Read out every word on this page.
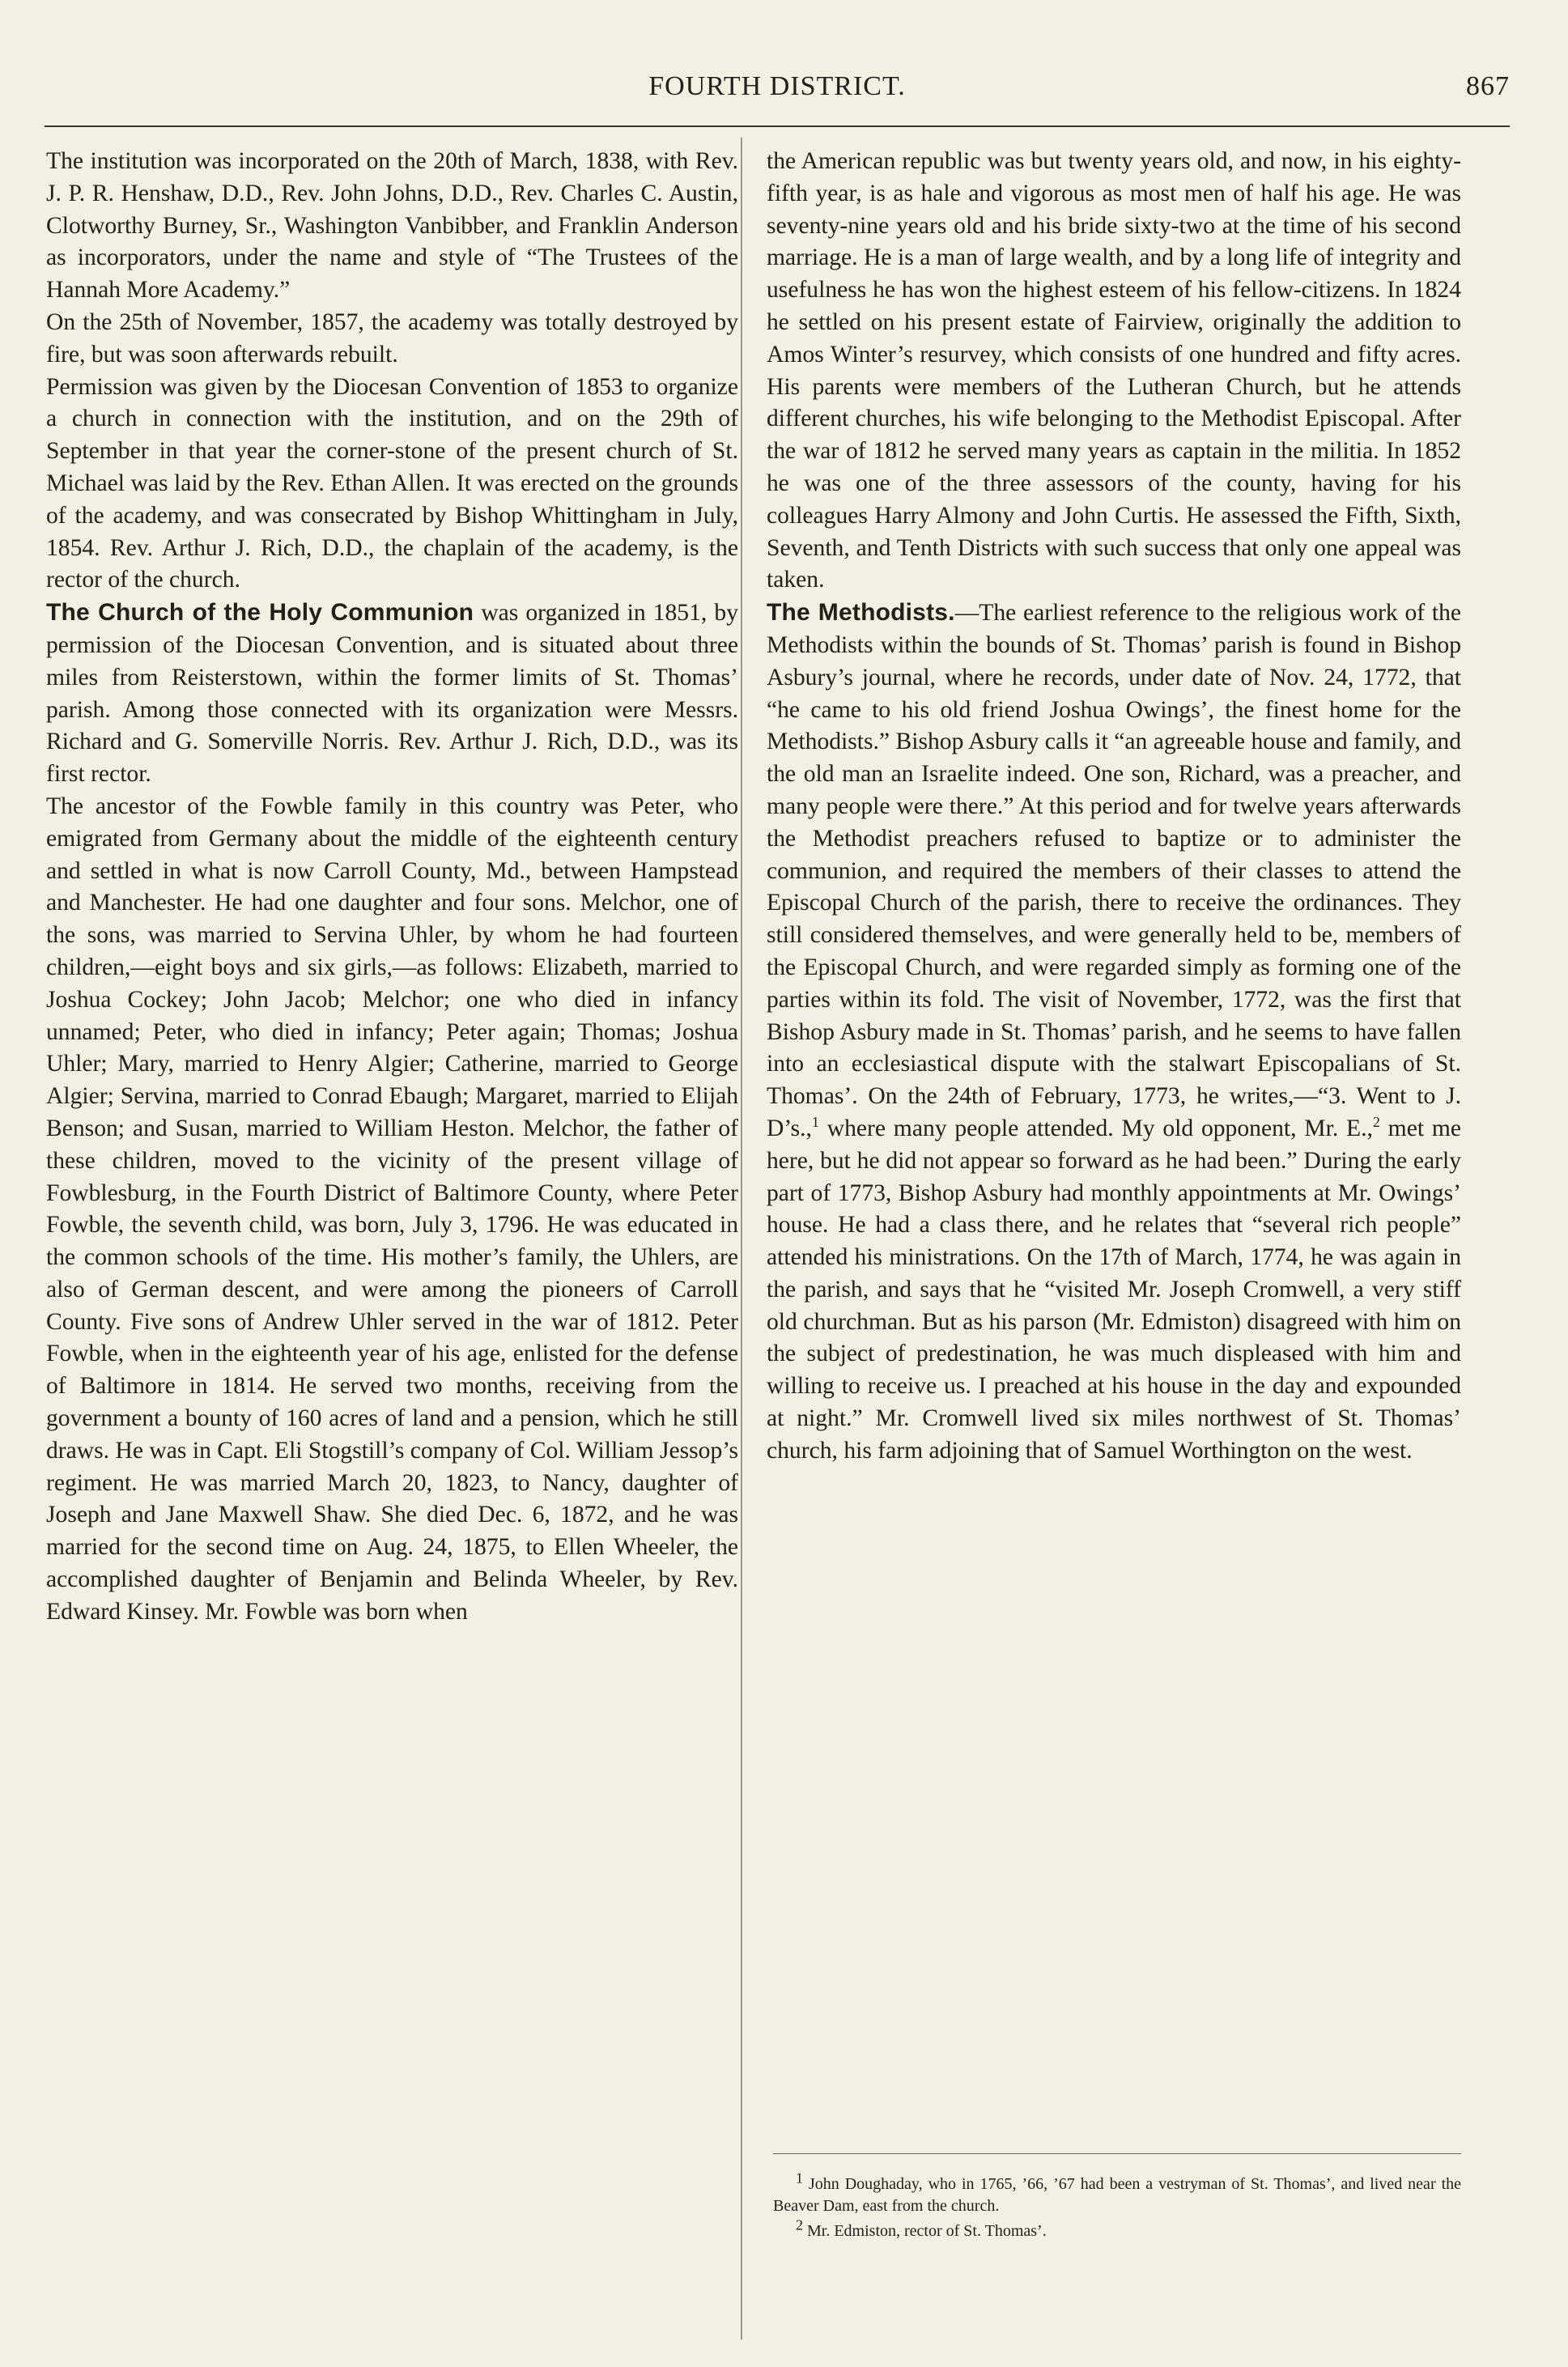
FOURTH DISTRICT.	867

The institution was incorporated on the 20th of March, 1838, with Rev. J. P. R. Henshaw, D.D., Rev. John Johns, D.D., Rev. Charles C. Austin, Clotworthy Burney, Sr., Washington Vanbibber, and Franklin Anderson as incorporators, under the name and style of “The Trustees of the Hannah More Academy.”

On the 25th of November, 1857, the academy was totally destroyed by fire, but was soon afterwards rebuilt.

Permission was given by the Diocesan Convention of 1853 to organize a church in connection with the institution, and on the 29th of September in that year the corner-stone of the present church of St. Michael was laid by the Rev. Ethan Allen. It was erected on the grounds of the academy, and was consecrated by Bishop Whittingham in July, 1854. Rev. Arthur J. Rich, D.D., the chaplain of the academy, is the rector of the church.

The Church of the Holy Communion was organized in 1851, by permission of the Diocesan Convention, and is situated about three miles from Reisterstown, within the former limits of St. Thomas’ parish. Among those connected with its organization were Messrs. Richard and G. Somerville Norris. Rev. Arthur J. Rich, D.D., was its first rector.

The ancestor of the Fowble family in this country was Peter, who emigrated from Germany about the middle of the eighteenth century and settled in what is now Carroll County, Md., between Hampstead and Manchester. He had one daughter and four sons. Melchor, one of the sons, was married to Servina Uhler, by whom he had fourteen children,—eight boys and six girls,—as follows: Elizabeth, married to Joshua Cockey; John Jacob; Melchor; one who died in infancy unnamed; Peter, who died in infancy; Peter again; Thomas; Joshua Uhler; Mary, married to Henry Algier; Catherine, married to George Algier; Servina, married to Conrad Ebaugh; Margaret, married to Elijah Benson; and Susan, married to William Heston. Melchor, the father of these children, moved to the vicinity of the present village of Fowblesburg, in the Fourth District of Baltimore County, where Peter Fowble, the seventh child, was born, July 3, 1796. He was educated in the common schools of the time. His mother’s family, the Uhlers, are also of German descent, and were among the pioneers of Carroll County. Five sons of Andrew Uhler served in the war of 1812. Peter Fowble, when in the eighteenth year of his age, enlisted for the defense of Baltimore in 1814. He served two months, receiving from the government a bounty of 160 acres of land and a pension, which he still draws. He was in Capt. Eli Stogstill’s company of Col. William Jessop’s regiment. He was married March 20, 1823, to Nancy, daughter of Joseph and Jane Maxwell Shaw. She died Dec. 6, 1872, and he was married for the second time on Aug. 24, 1875, to Ellen Wheeler, the accomplished daughter of Benjamin and Belinda Wheeler, by Rev. Edward Kinsey. Mr. Fowble was born when

the American republic was but twenty years old, and now, in his eighty-fifth year, is as hale and vigorous as most men of half his age. He was seventy-nine years old and his bride sixty-two at the time of his second marriage. He is a man of large wealth, and by a long life of integrity and usefulness he has won the highest esteem of his fellow-citizens. In 1824 he settled on his present estate of Fairview, originally the addition to Amos Winter’s resurvey, which consists of one hundred and fifty acres. His parents were members of the Lutheran Church, but he attends different churches, his wife belonging to the Methodist Episcopal. After the war of 1812 he served many years as captain in the militia. In 1852 he was one of the three assessors of the county, having for his colleagues Harry Almony and John Curtis. He assessed the Fifth, Sixth, Seventh, and Tenth Districts with such success that only one appeal was taken.

The Methodists.—The earliest reference to the religious work of the Methodists within the bounds of St. Thomas’ parish is found in Bishop Asbury’s journal, where he records, under date of Nov. 24, 1772, that “he came to his old friend Joshua Owings’, the finest home for the Methodists.” Bishop Asbury calls it “an agreeable house and family, and the old man an Israelite indeed. One son, Richard, was a preacher, and many people were there.” At this period and for twelve years afterwards the Methodist preachers refused to baptize or to administer the communion, and required the members of their classes to attend the Episcopal Church of the parish, there to receive the ordinances. They still considered themselves, and were generally held to be, members of the Episcopal Church, and were regarded simply as forming one of the parties within its fold. The visit of November, 1772, was the first that Bishop Asbury made in St. Thomas’ parish, and he seems to have fallen into an ecclesiastical dispute with the stalwart Episcopalians of St. Thomas’. On the 24th of February, 1773, he writes,—“3. Went to J. D’s.,$^1$ where many people attended. My old opponent, Mr. E.,$^2$ met me here, but he did not appear so forward as he had been.” During the early part of 1773, Bishop Asbury had monthly appointments at Mr. Owings’ house. He had a class there, and he relates that “several rich people” attended his ministrations. On the 17th of March, 1774, he was again in the parish, and says that he “visited Mr. Joseph Cromwell, a very stiff old churchman. But as his parson (Mr. Edmiston) disagreed with him on the subject of predestination, he was much displeased with him and willing to receive us. I preached at his house in the day and expounded at night.” Mr. Cromwell lived six miles northwest of St. Thomas’ church, his farm adjoining that of Samuel Worthington on the west.

$^1$ John Doughaday, who in 1765, ’66, ’67 had been a vestryman of St. Thomas’, and lived near the Beaver Dam, east from the church.

$^2$ Mr. Edmiston, rector of St. Thomas’.
